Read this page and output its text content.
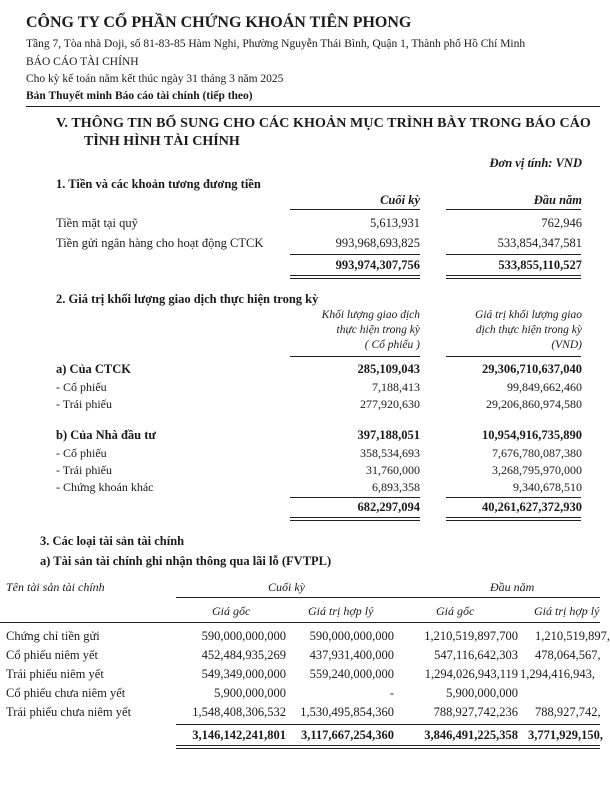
CÔNG TY CỔ PHẦN CHỨNG KHOÁN TIÊN PHONG
Tầng 7, Tòa nhà Doji, số 81-83-85 Hàm Nghi, Phường Nguyễn Thái Bình, Quận 1, Thành phố Hồ Chí Minh
BÁO CÁO TÀI CHÍNH
Cho kỳ kế toán năm kết thúc ngày 31 tháng 3 năm 2025
Bản Thuyết minh Báo cáo tài chính (tiếp theo)
V. THÔNG TIN BỔ SUNG CHO CÁC KHOẢN MỤC TRÌNH BÀY TRONG BÁO CÁO
TÌNH HÌNH TÀI CHÍNH
Đơn vị tính: VND
1. Tiền và các khoản tương đương tiền
Cuối kỳ	Đầu năm
Tiền mặt tại quỹ	5,613,931	762,946
Tiền gửi ngân hàng cho hoạt động CTCK	993,968,693,825	533,854,347,581
993,974,307,756	533,855,110,527
2. Giá trị khối lượng giao dịch thực hiện trong kỳ
Khối lượng giao dịch
thực hiện trong kỳ
( Cổ phiếu )
Giá trị khối lượng giao
dịch thực hiện trong kỳ
(VND)
a) Của CTCK	285,109,043	29,306,710,637,040
- Cổ phiếu	7,188,413	99,849,662,460
- Trái phiếu	277,920,630	29,206,860,974,580
b) Của Nhà đầu tư	397,188,051	10,954,916,735,890
- Cổ phiếu	358,534,693	7,676,780,087,380
- Trái phiếu	31,760,000	3,268,795,970,000
- Chứng khoán khác	6,893,358	9,340,678,510
682,297,094	40,261,627,372,930
3. Các loại tài sản tài chính
a) Tài sản tài chính ghi nhận thông qua lãi lỗ (FVTPL)
Tên tài sản tài chính	Cuối kỳ	Đầu năm
Giá gốc	Giá trị hợp lý	Giá gốc	Giá trị hợp lý
Chứng chỉ tiền gửi	590,000,000,000 590,000,000,000 1,210,519,897,700 1,210,519,897,
Cổ phiếu niêm yết	452,484,935,269 437,931,400,000	547,116,642,303 478,064,567,
Trái phiếu niêm yết	549,349,000,000 559,240,000,000 1,294,026,943,119 1,294,416,943,
Cổ phiếu chưa niêm yết	5,900,000,000	-	5,900,000,000
Trái phiếu chưa niêm yết	1,548,408,306,532 1,530,495,854,360	788,927,742,236 788,927,742,
3,146,142,241,801 3,117,667,254,360 3,846,491,225,358 3,771,929,150,
